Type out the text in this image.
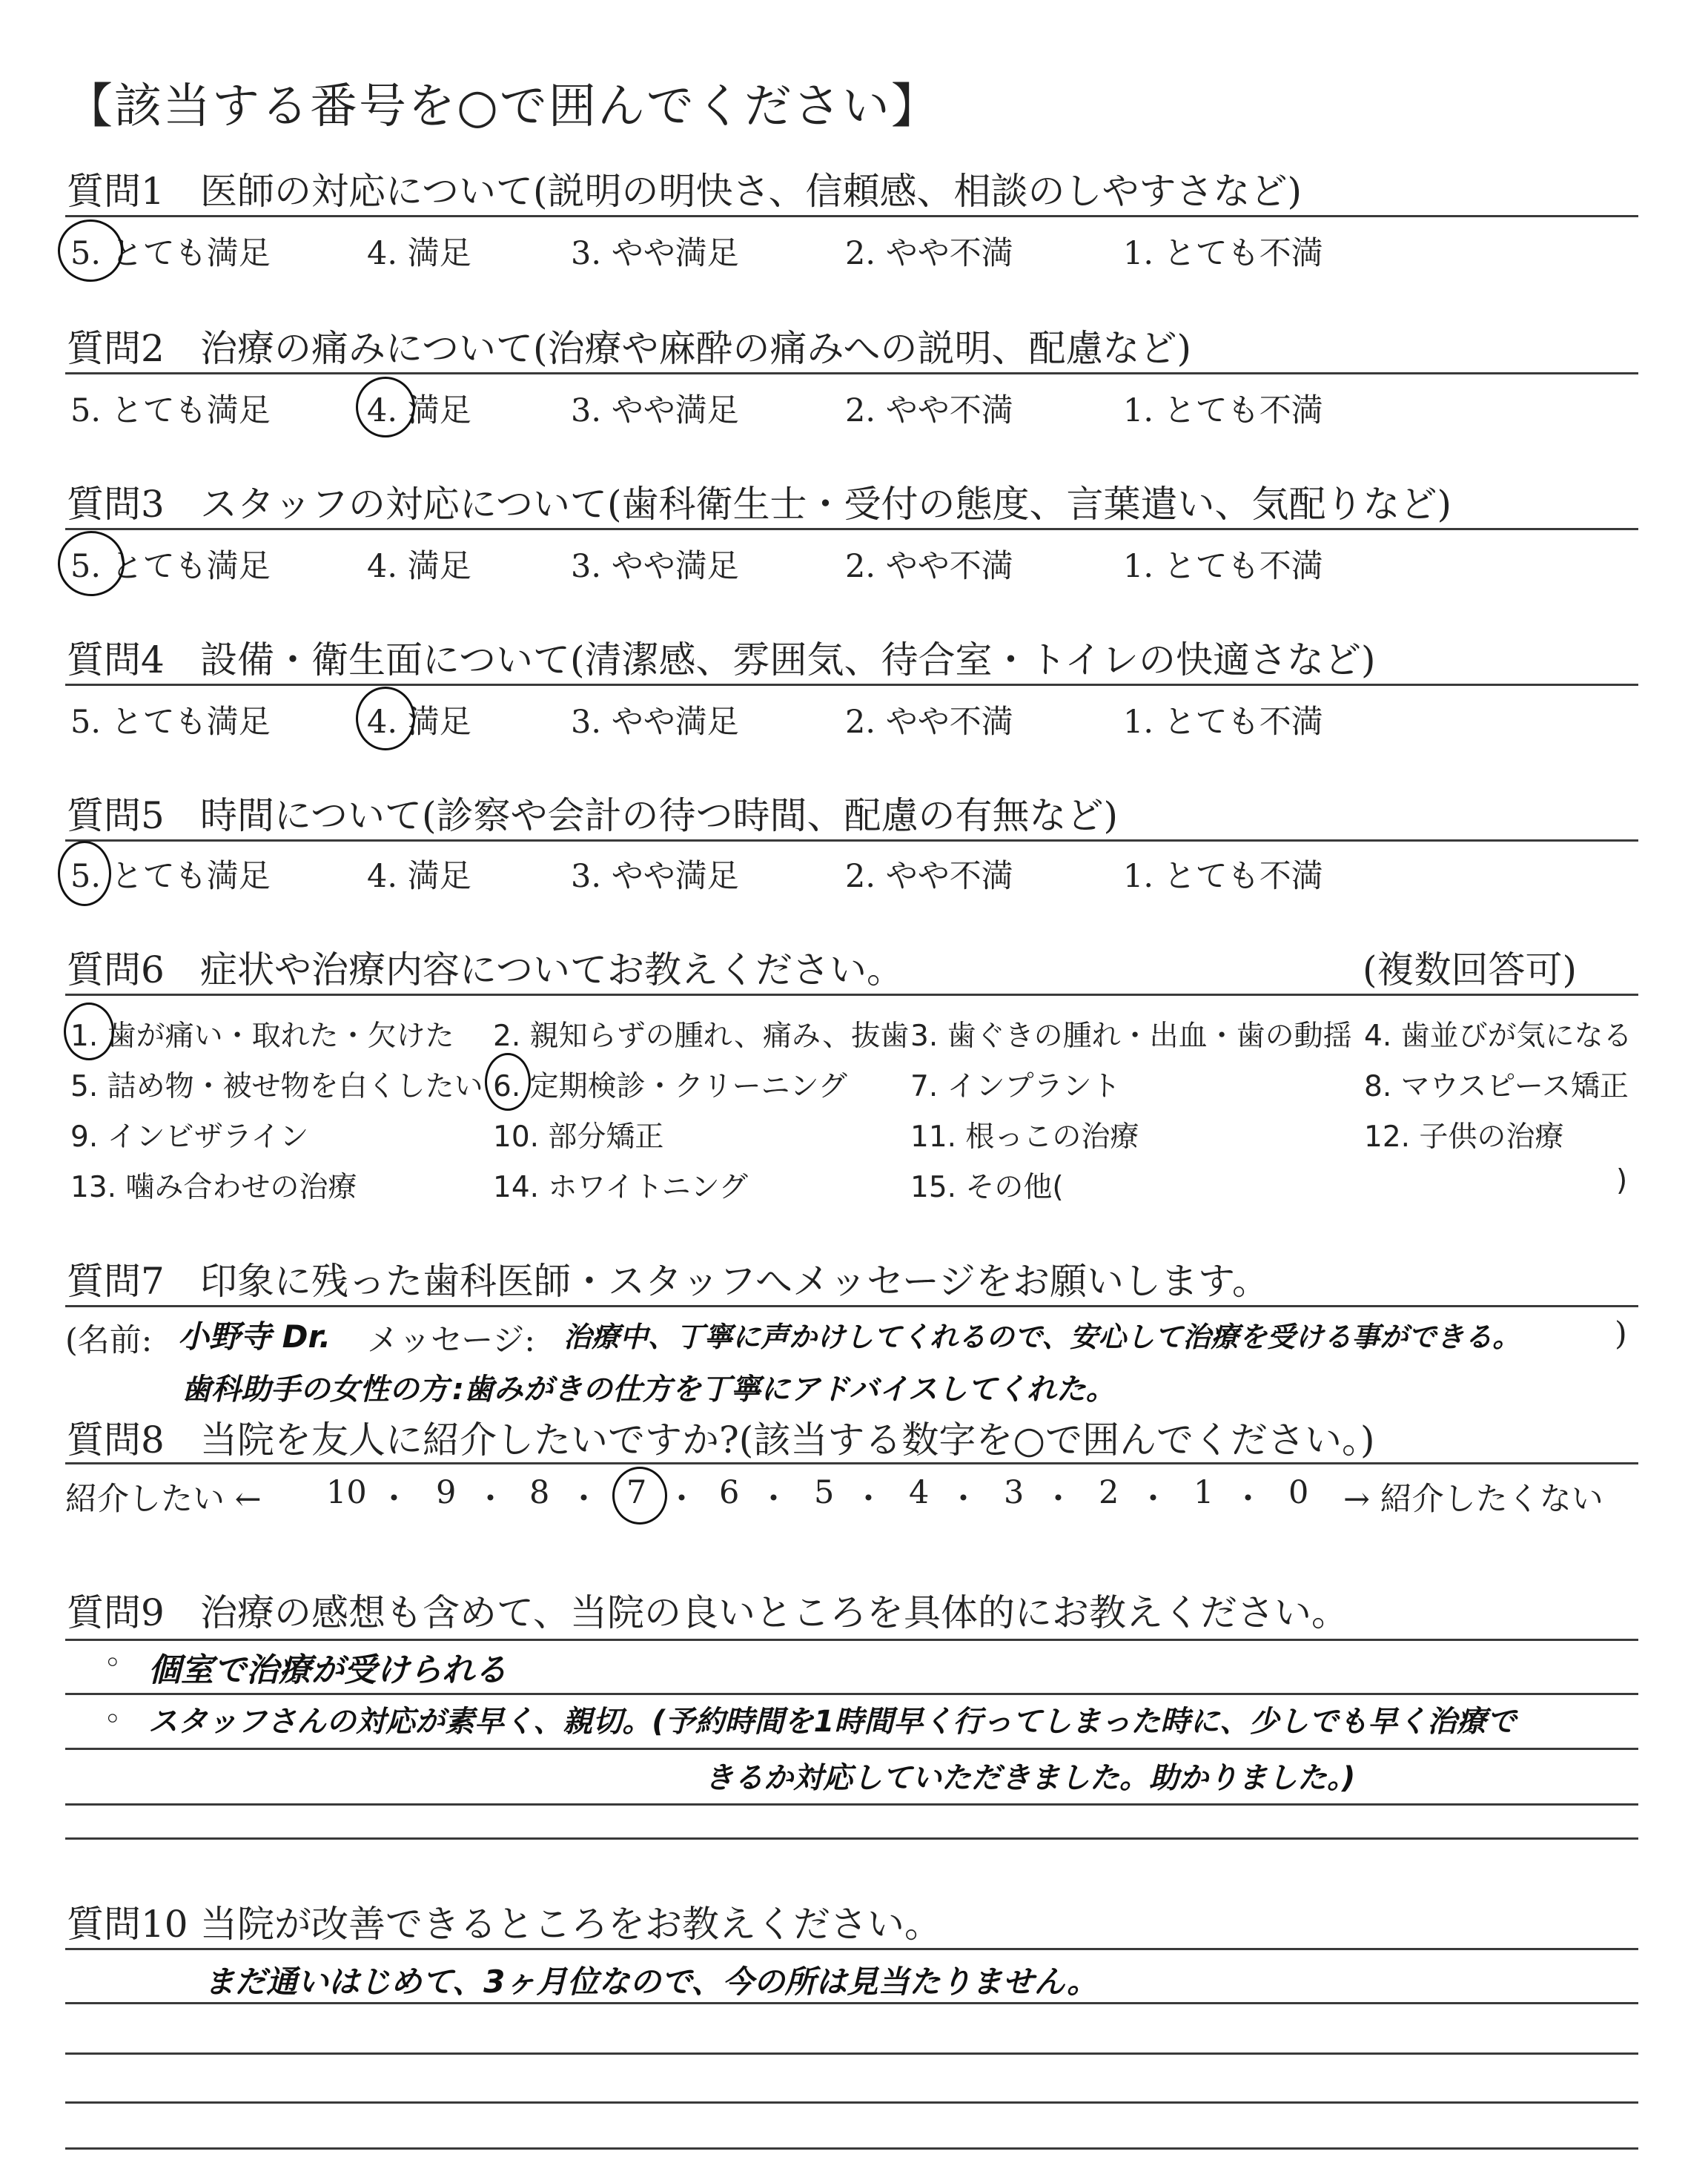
【該当する番号を○で囲んでください】
質問1 医師の対応について(説明の明快さ、信頼感、相談のしやすさなど)
5. とても満足	4. 満足	3. やや満足	2. やや不満	1. とても不満
質問2 治療の痛みについて(治療や麻酔の痛みへの説明、配慮など)
5. とても満足	4. 満足	3. やや満足	2. やや不満	1. とても不満
質問3 スタッフの対応について(歯科衛生士・受付の態度、言葉遣い、気配りなど)
5. とても満足	4. 満足	3. やや満足	2. やや不満	1. とても不満
質問4 設備・衛生面について(清潔感、雰囲気、待合室・トイレの快適さなど)
5. とても満足	4. 満足	3. やや満足	2. やや不満	1. とても不満
質問5 時間について(診察や会計の待つ時間、配慮の有無など)
5. とても満足	4. 満足	3. やや満足	2. やや不満	1. とても不満
質問6 症状や治療内容についてお教えください。	(複数回答可)
1. 歯が痛い・取れた・欠けた 2. 親知らずの腫れ、痛み、抜歯 3. 歯ぐきの腫れ・出血・歯の動揺 4. 歯並びが気になる
5. 詰め物・被せ物を白くしたい 6. 定期検診・クリーニング 7. インプラント	8. マウスピース矯正
9. インビザライン	10. 部分矯正	11. 根っこの治療	12. 子供の治療
13. 噛み合わせの治療	14. ホワイトニング	15. その他(	)
質問7 印象に残った歯科医師・スタッフへメッセージをお願いします。
(名前:	メッセージ:	)
小野寺 Dr.	治療中、丁寧に声かけしてくれるので、安心して治療を受ける事ができる。
歯科助手の女性の方 :歯みがきの仕方を丁寧にアドバイスしてくれた。
質問8 当院を友人に紹介したいですか?(該当する数字を○で囲んでください。)
紹介したい ←	→ 紹介したくない
10 ・ 9 ・ 8 ・ 7 ・ 6 ・ 5 ・ 4 ・ 3 ・ 2 ・ 1 ・ 0
質問9 治療の感想も含めて、当院の良いところを具体的にお教えください。
◦ 個室で治療が受けられる
◦ スタッフさんの対応が素早く、親切。(予約時間を1時間早く行ってしまった時に、少しでも早く治療で
きるか対応していただきました。助かりました。)
質問10 当院が改善できるところをお教えください。
まだ通いはじめて、3ヶ月位なので、今の所は見当たりません。
